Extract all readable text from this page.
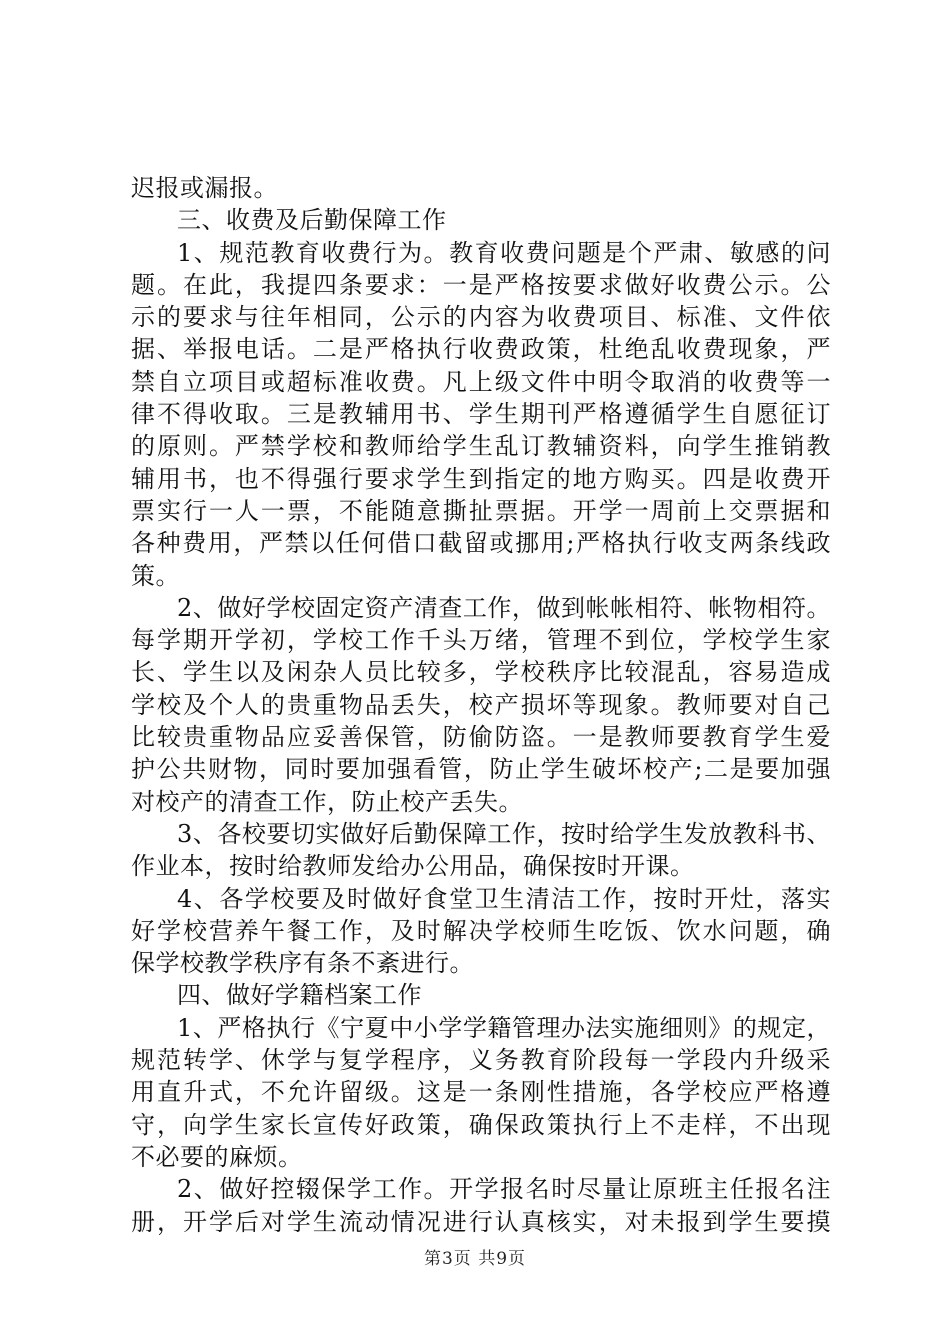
迟报或漏报。
三、收费及后勤保障工作
1、规范教育收费行为。教育收费问题是个严肃、敏感的问
题。在此，我提四条要求：一是严格按要求做好收费公示。公
示的要求与往年相同，公示的内容为收费项目、标准、文件依
据、举报电话。二是严格执行收费政策，杜绝乱收费现象，严
禁自立项目或超标准收费。凡上级文件中明令取消的收费等一
律不得收取。三是教辅用书、学生期刊严格遵循学生自愿征订
的原则。严禁学校和教师给学生乱订教辅资料，向学生推销教
辅用书，也不得强行要求学生到指定的地方购买。四是收费开
票实行一人一票，不能随意撕扯票据。开学一周前上交票据和
各种费用，严禁以任何借口截留或挪用;严格执行收支两条线政
策。
2、做好学校固定资产清查工作，做到帐帐相符、帐物相符。
每学期开学初，学校工作千头万绪，管理不到位，学校学生家
长、学生以及闲杂人员比较多，学校秩序比较混乱，容易造成
学校及个人的贵重物品丢失，校产损坏等现象。教师要对自己
比较贵重物品应妥善保管，防偷防盗。一是教师要教育学生爱
护公共财物，同时要加强看管，防止学生破坏校产;二是要加强
对校产的清查工作，防止校产丢失。
3、各校要切实做好后勤保障工作，按时给学生发放教科书、
作业本，按时给教师发给办公用品，确保按时开课。
4、各学校要及时做好食堂卫生清洁工作，按时开灶，落实
好学校营养午餐工作，及时解决学校师生吃饭、饮水问题，确
保学校教学秩序有条不紊进行。
四、做好学籍档案工作
1、严格执行《宁夏中小学学籍管理办法实施细则》的规定，
规范转学、休学与复学程序，义务教育阶段每一学段内升级采
用直升式，不允许留级。这是一条刚性措施，各学校应严格遵
守，向学生家长宣传好政策，确保政策执行上不走样，不出现
不必要的麻烦。
2、做好控辍保学工作。开学报名时尽量让原班主任报名注
册，开学后对学生流动情况进行认真核实，对未报到学生要摸
第3页 共9页
